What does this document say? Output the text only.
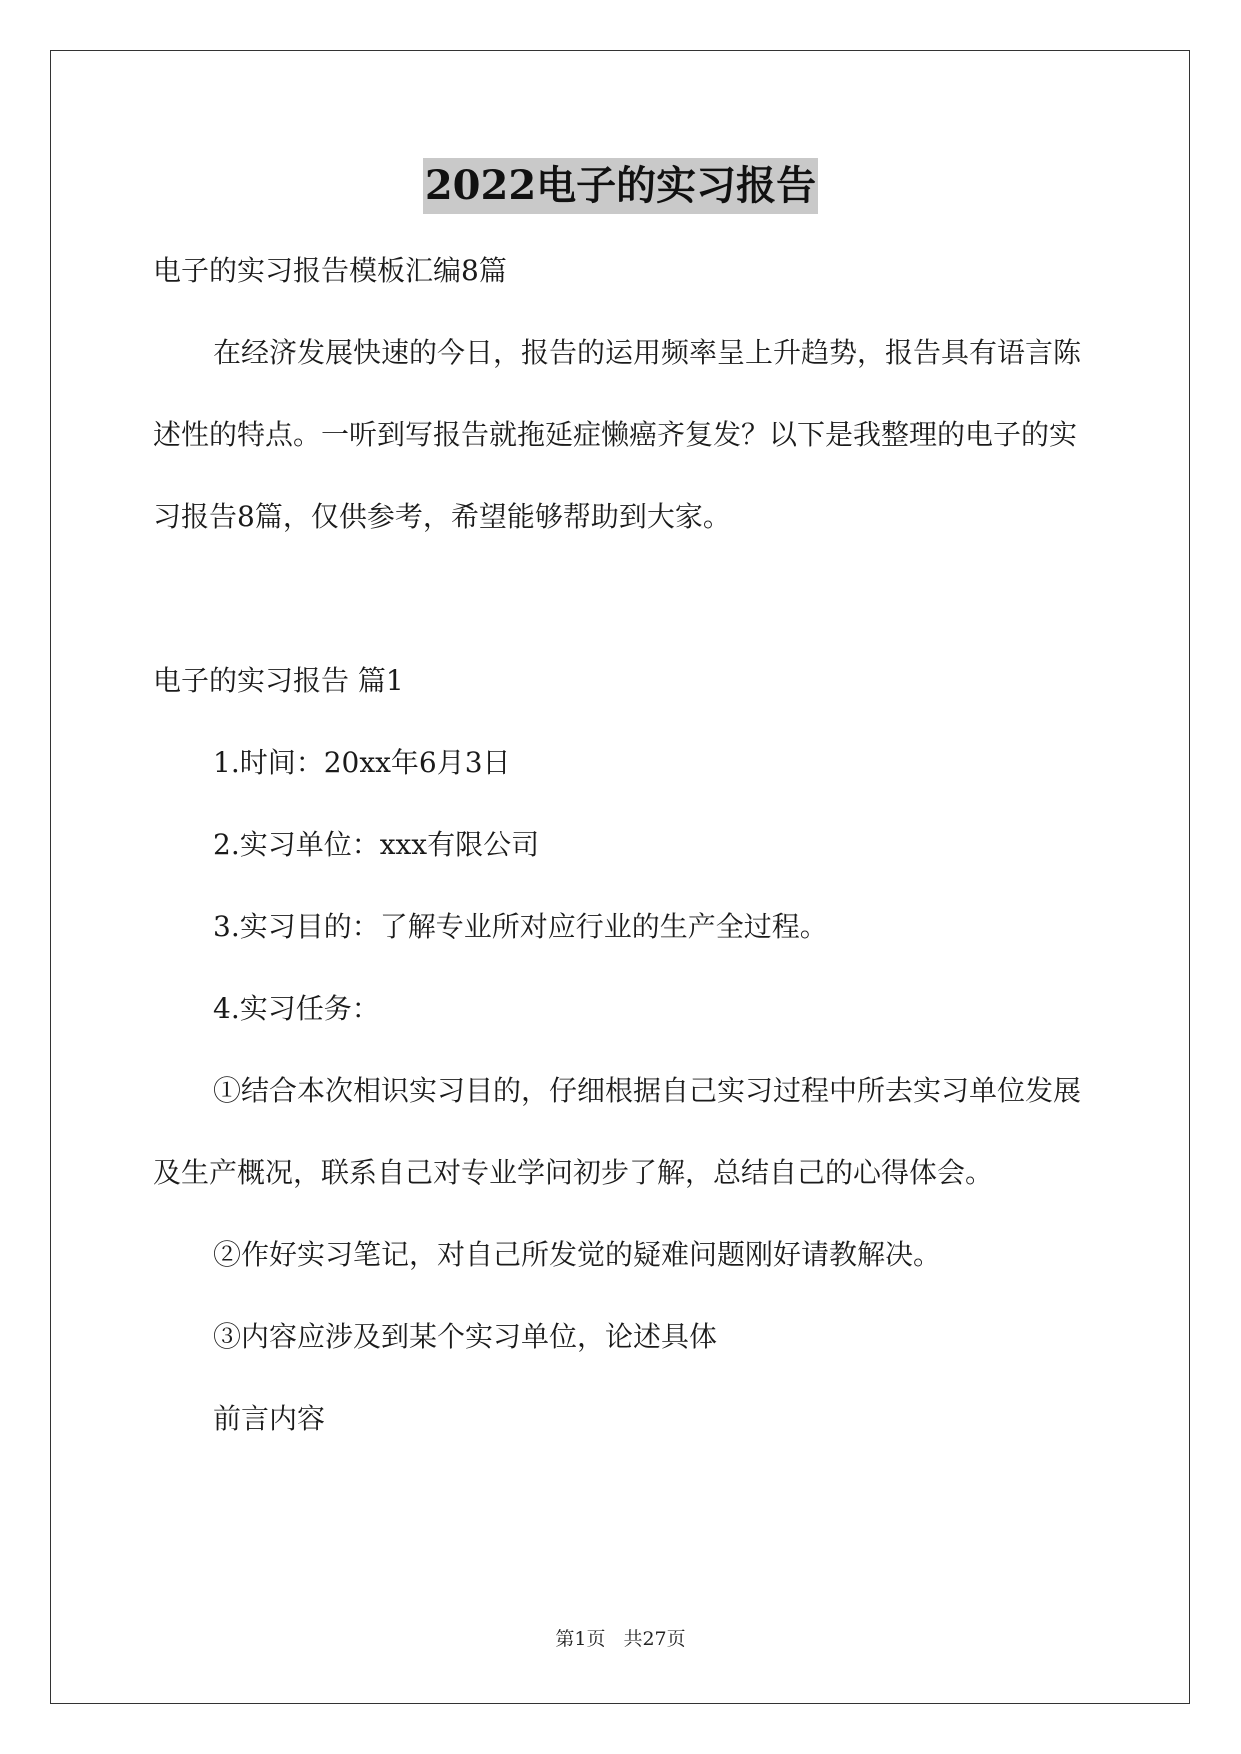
2022电子的实习报告

电子的实习报告模板汇编8篇

在经济发展快速的今日，报告的运用频率呈上升趋势，报告具有语言陈述性的特点。一听到写报告就拖延症懒癌齐复发？以下是我整理的电子的实习报告8篇，仅供参考，希望能够帮助到大家。

电子的实习报告 篇1

1.时间：20xx年6月3日

2.实习单位：xxx有限公司

3.实习目的：了解专业所对应行业的生产全过程。

4.实习任务：

①结合本次相识实习目的，仔细根据自己实习过程中所去实习单位发展及生产概况，联系自己对专业学问初步了解，总结自己的心得体会。

②作好实习笔记，对自己所发觉的疑难问题刚好请教解决。

③内容应涉及到某个实习单位，论述具体

前言内容

第1页 共27页
